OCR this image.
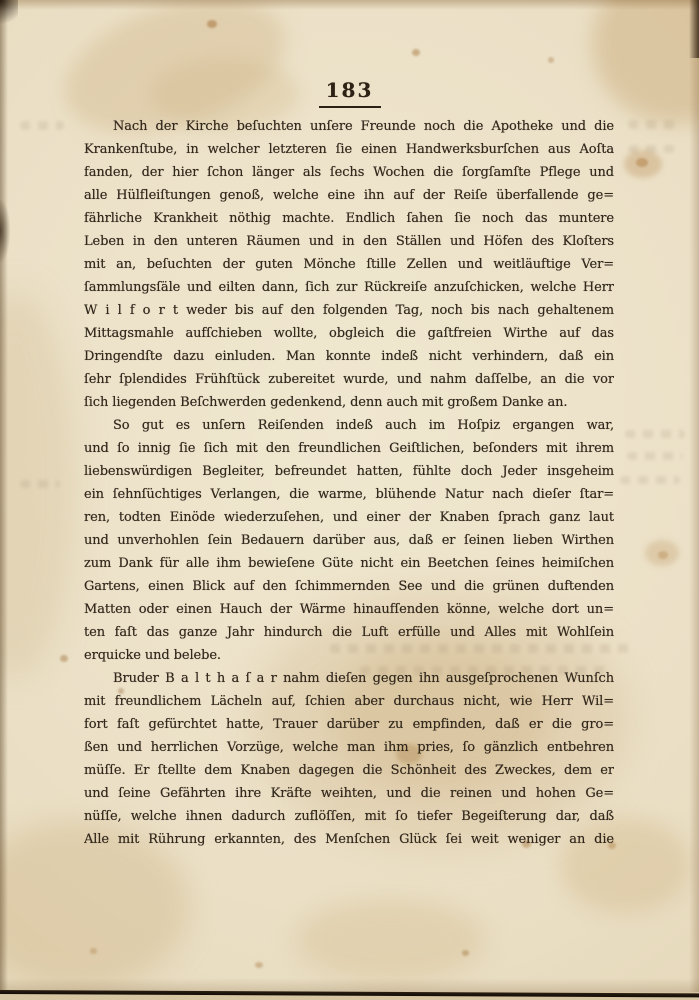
183
Nach der Kirche beſuchten unſere Freunde noch die Apotheke und die
Krankenſtube, in welcher letzteren ſie einen Handwerksburſchen aus Aoſta
fanden, der hier ſchon länger als ſechs Wochen die ſorgſamſte Pflege und
alle Hülfleiſtungen genoß, welche eine ihn auf der Reiſe überfallende ge=
fährliche Krankheit nöthig machte. Endlich ſahen ſie noch das muntere
Leben in den unteren Räumen und in den Ställen und Höfen des Kloſters
mit an, beſuchten der guten Mönche ſtille Zellen und weitläuftige Ver=
ſammlungsſäle und eilten dann, ſich zur Rückreiſe anzuſchicken, welche Herr
W i l f o r t weder bis auf den folgenden Tag, noch bis nach gehaltenem
Mittagsmahle aufſchieben wollte, obgleich die gaſtfreien Wirthe auf das
Dringendſte dazu einluden. Man konnte indeß nicht verhindern, daß ein
ſehr ſplendides Frühſtück zubereitet wurde, und nahm daſſelbe, an die vor
ſich liegenden Beſchwerden gedenkend, denn auch mit großem Danke an.
So gut es unſern Reiſenden indeß auch im Hoſpiz ergangen war,
und ſo innig ſie ſich mit den freundlichen Geiſtlichen, beſonders mit ihrem
liebenswürdigen Begleiter, befreundet hatten, fühlte doch Jeder insgeheim
ein ſehnſüchtiges Verlangen, die warme, blühende Natur nach dieſer ſtar=
ren, todten Einöde wiederzuſehen, und einer der Knaben ſprach ganz laut
und unverhohlen ſein Bedauern darüber aus, daß er ſeinen lieben Wirthen
zum Dank für alle ihm bewieſene Güte nicht ein Beetchen ſeines heimiſchen
Gartens, einen Blick auf den ſchimmernden See und die grünen duftenden
Matten oder einen Hauch der Wärme hinaufſenden könne, welche dort un=
ten faſt das ganze Jahr hindurch die Luft erfülle und Alles mit Wohlſein
erquicke und belebe.
Bruder B a l t h a ſ a r nahm dieſen gegen ihn ausgeſprochenen Wunſch
mit freundlichem Lächeln auf, ſchien aber durchaus nicht, wie Herr Wil=
fort faſt gefürchtet hatte, Trauer darüber zu empfinden, daß er die gro=
ßen und herrlichen Vorzüge, welche man ihm pries, ſo gänzlich entbehren
müſſe. Er ſtellte dem Knaben dagegen die Schönheit des Zweckes, dem er
und ſeine Gefährten ihre Kräfte weihten, und die reinen und hohen Ge=
nüſſe, welche ihnen dadurch zuflöſſen, mit ſo tiefer Begeiſterung dar, daß
Alle mit Rührung erkannten, des Menſchen Glück ſei weit weniger an die
